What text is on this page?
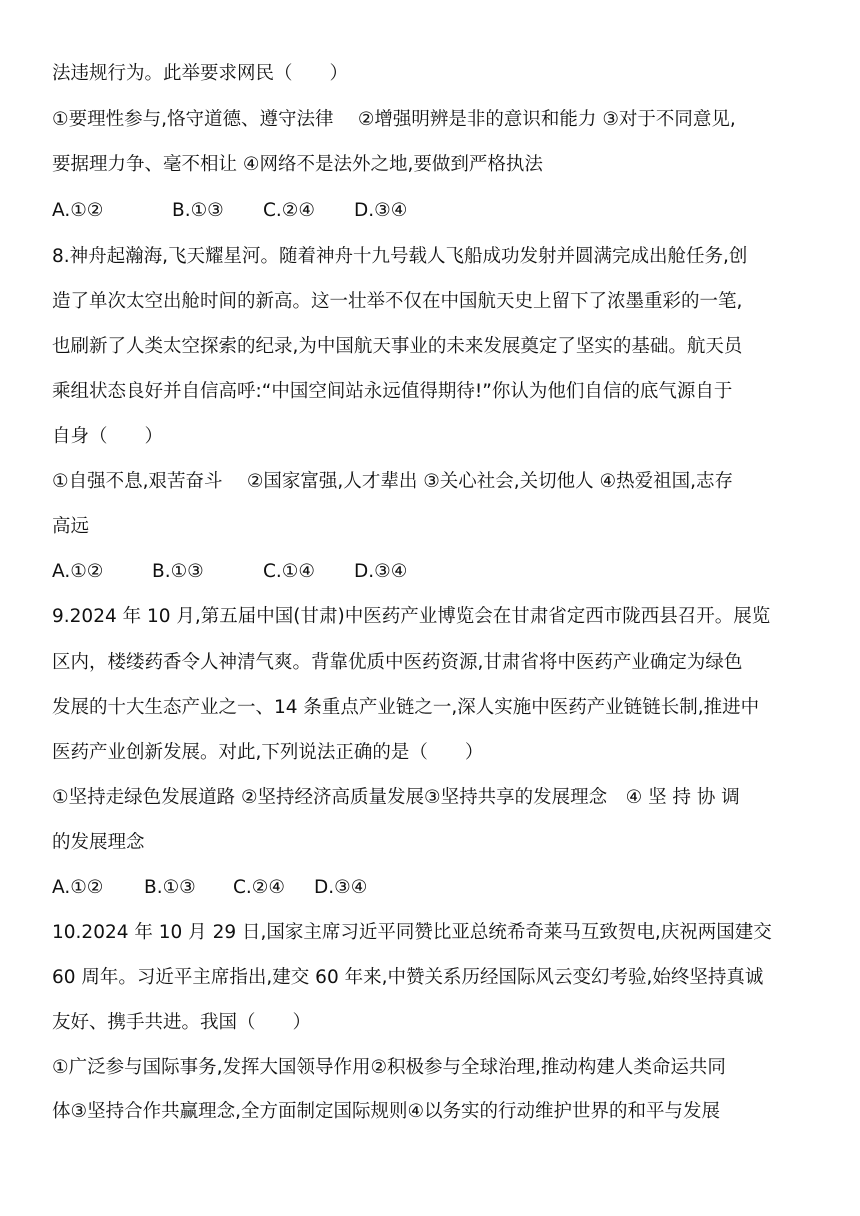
法违规行为。此举要求网民（　　）
①要理性参与,恪守道德、遵守法律　 ②增强明辨是非的意识和能力 ③对于不同意见,
要据理力争、毫不相让 ④网络不是法外之地,要做到严格执法
A.①②	B.①③ C.②④ D.③④
8.神舟起瀚海,飞天耀星河。随着神舟十九号载人飞船成功发射并圆满完成出舱任务,创
造了单次太空出舱时间的新高。这一壮举不仅在中国航天史上留下了浓墨重彩的一笔,
也刷新了人类太空探索的纪录,为中国航天事业的未来发展奠定了坚实的基础。航天员
乘组状态良好并自信高呼:“中国空间站永远值得期待!”你认为他们自信的底气源自于
自身（　　）
①自强不息,艰苦奋斗　 ②国家富强,人才辈出 ③关心社会,关切他人 ④热爱祖国,志存
高远
A.①②	B.①③	C.①④ D.③④
9.2024 年 10 月,第五届中国(甘肃)中医药产业博览会在甘肃省定西市陇西县召开。展览
区内，楼缕药香令人神清气爽。背靠优质中医药资源,甘肃省将中医药产业确定为绿色
发展的十大生态产业之一、14 条重点产业链之一,深人实施中医药产业链链长制,推进中
医药产业创新发展。对此,下列说法正确的是（　　）
①坚持走绿色发展道路 ②坚持经济高质量发展③坚持共享的发展理念　④ 坚 持 协 调
的发展理念
A.①② B.①③ C.②④ D.③④
10.2024 年 10 月 29 日,国家主席习近平同赞比亚总统希奇莱马互致贺电,庆祝两国建交
60 周年。习近平主席指出,建交 60 年来,中赞关系历经国际风云变幻考验,始终坚持真诚
友好、携手共进。我国（　　）
①广泛参与国际事务,发挥大国领导作用②积极参与全球治理,推动构建人类命运共同
体③坚持合作共赢理念,全方面制定国际规则④以务实的行动维护世界的和平与发展
